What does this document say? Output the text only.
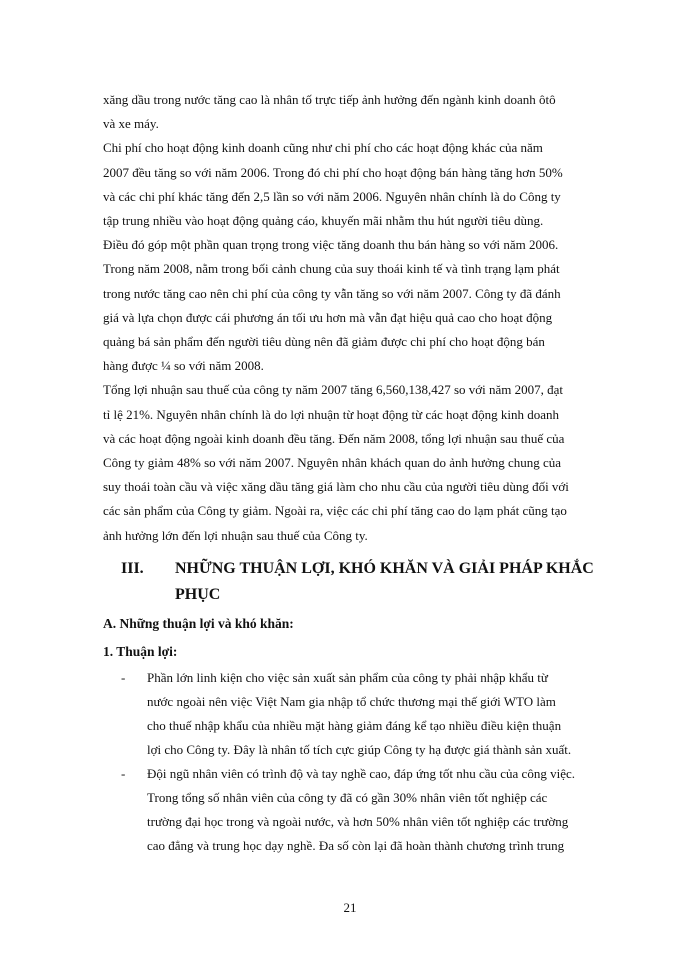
xăng dầu trong nước tăng cao là nhân tố trực tiếp ảnh hưởng đến ngành kinh doanh ôtô
và xe máy.

Chi phí cho hoạt động kinh doanh cũng như chi phí cho các hoạt động khác của năm
2007 đều tăng so với năm 2006. Trong đó chi phí cho hoạt động bán hàng tăng hơn 50%
và các chi phí khác tăng đến 2,5 lần so với năm 2006. Nguyên nhân chính là do Công ty
tập trung nhiều vào hoạt động quảng cáo, khuyến mãi nhằm thu hút người tiêu dùng.
Điều đó góp một phần quan trọng trong việc tăng doanh thu bán hàng so với năm 2006.
Trong năm 2008, nằm trong bối cảnh chung của suy thoái kinh tế và tình trạng lạm phát
trong nước tăng cao nên chi phí của công ty vẫn tăng so với năm 2007. Công ty đã đánh
giá và lựa chọn được cái phương án tối ưu hơn mà vẫn đạt hiệu quả cao cho hoạt động
quảng bá sản phẩm đến người tiêu dùng nên đã giảm được chi phí cho hoạt động bán
hàng được ¼ so với năm 2008.

Tổng lợi nhuận sau thuế của công ty năm 2007 tăng 6,560,138,427 so với năm 2007, đạt
tỉ lệ 21%. Nguyên nhân chính là do lợi nhuận từ hoạt động từ các hoạt động kinh doanh
và các hoạt động ngoài kinh doanh đều tăng. Đến năm 2008, tổng lợi nhuận sau thuế của
Công ty giảm 48% so với năm 2007. Nguyên nhân khách quan do ảnh hưởng chung của
suy thoái toàn cầu và việc xăng dầu tăng giá làm cho nhu cầu của người tiêu dùng đối với
các sản phẩm của Công ty giảm. Ngoài ra, việc các chi phí tăng cao do lạm phát cũng tạo
ảnh hưởng lớn đến lợi nhuận sau thuế của Công ty.

III. NHỮNG THUẬN LỢI, KHÓ KHĂN VÀ GIẢI PHÁP KHẮC
PHỤC
A. Những thuận lợi và khó khăn:
1. Thuận lợi:
- Phần lớn linh kiện cho việc sản xuất sản phẩm của công ty phải nhập khẩu từ
nước ngoài nên việc Việt Nam gia nhập tổ chức thương mại thế giới WTO làm
cho thuế nhập khẩu của nhiều mặt hàng giảm đáng kể tạo nhiều điều kiện thuận
lợi cho Công ty. Đây là nhân tố tích cực giúp Công ty hạ được giá thành sản xuất.
- Đội ngũ nhân viên có trình độ và tay nghề cao, đáp ứng tốt nhu cầu của công việc.
Trong tổng số nhân viên của công ty đã có gần 30% nhân viên tốt nghiệp các
trường đại học trong và ngoài nước, và hơn 50% nhân viên tốt nghiệp các trường
cao đẳng và trung học dạy nghề. Đa số còn lại đã hoàn thành chương trình trung
21
